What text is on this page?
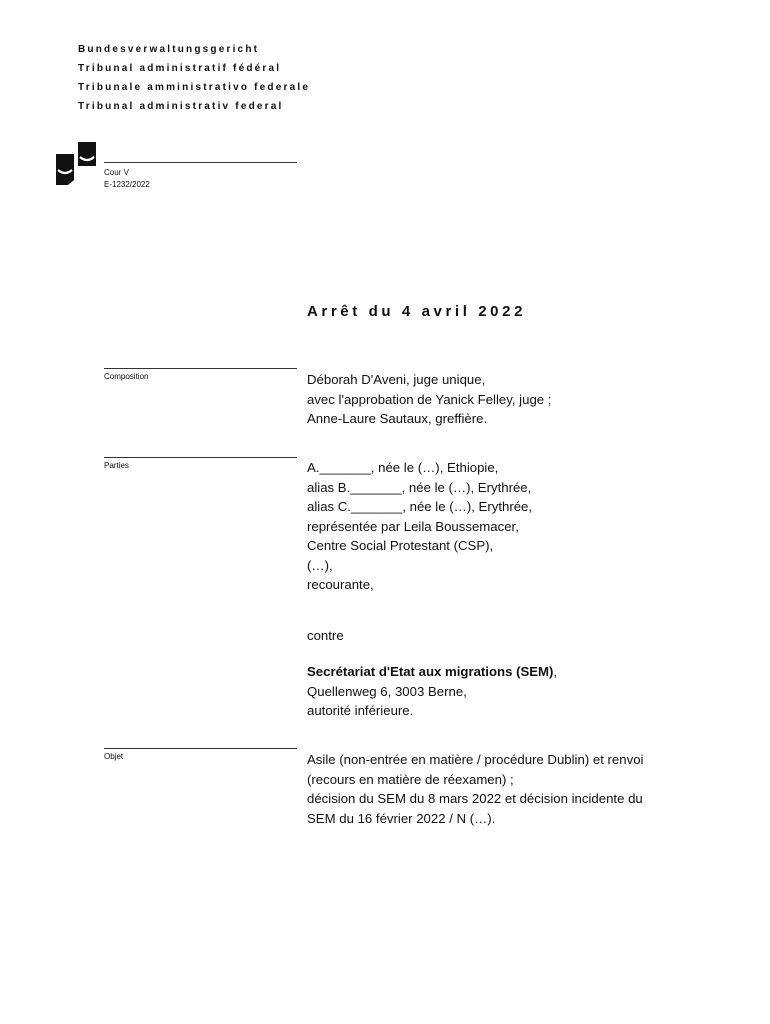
Bundesverwaltungsgericht
Tribunal administratif fédéral
Tribunale amministrativo federale
Tribunal administrativ federal
Cour V
E-1232/2022
Arrêt du 4 avril 2022
Composition	Déborah D'Aveni, juge unique,
avec l'approbation de Yanick Felley, juge ;
Anne-Laure Sautaux, greffière.
Parties	A._______, née le (…), Ethiopie,
alias B._______, née le (…), Erythrée,
alias C._______, née le (…), Erythrée,
représentée par Leila Boussemacer,
Centre Social Protestant (CSP),
(…),
recourante,
contre
Secrétariat d'Etat aux migrations (SEM),
Quellenweg 6, 3003 Berne,
autorité inférieure.
Objet	Asile (non-entrée en matière / procédure Dublin) et renvoi
(recours en matière de réexamen) ;
décision du SEM du 8 mars 2022 et décision incidente du
SEM du 16 février 2022 / N (…).
